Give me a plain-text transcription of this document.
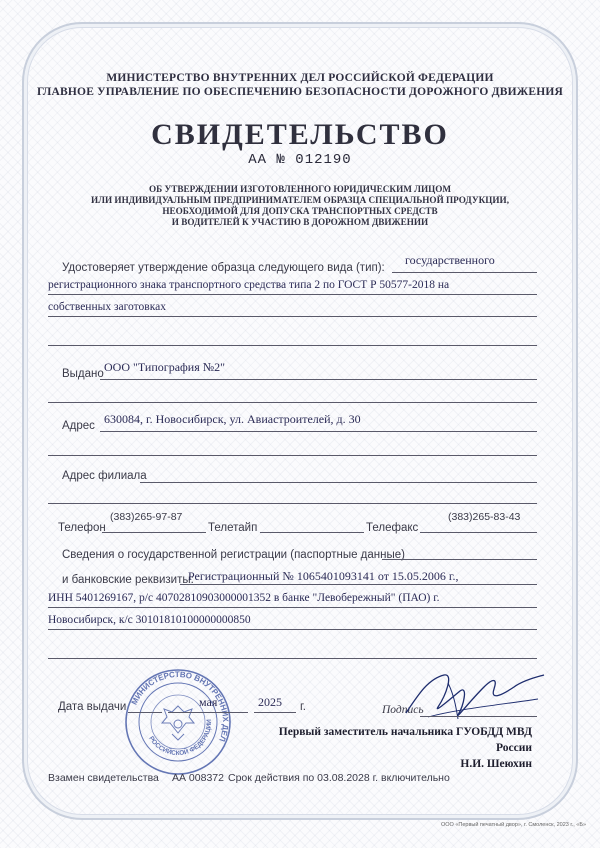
МИНИСТЕРСТВО ВНУТРЕННИХ ДЕЛ РОССИЙСКОЙ ФЕДЕРАЦИИ
ГЛАВНОЕ УПРАВЛЕНИЕ ПО ОБЕСПЕЧЕНИЮ БЕЗОПАСНОСТИ ДОРОЖНОГО ДВИЖЕНИЯ
СВИДЕТЕЛЬСТВО
АА № 012190
ОБ УТВЕРЖДЕНИИ ИЗГОТОВЛЕННОГО ЮРИДИЧЕСКИМ ЛИЦОМ
ИЛИ ИНДИВИДУАЛЬНЫМ ПРЕДПРИНИМАТЕЛЕМ ОБРАЗЦА СПЕЦИАЛЬНОЙ ПРОДУКЦИИ,
НЕОБХОДИМОЙ ДЛЯ ДОПУСКА ТРАНСПОРТНЫХ СРЕДСТВ
И ВОДИТЕЛЕЙ К УЧАСТИЮ В ДОРОЖНОМ ДВИЖЕНИИ
Удостоверяет утверждение образца следующего вида (тип):
государственного
регистрационного знака транспортного средства типа 2 по ГОСТ Р 50577-2018 на
собственных заготовках
Выдано ООО "Типография №2"
Адрес 630084, г. Новосибирск, ул. Авиастроителей, д. 30
Адрес филиала
(383)265-97-87
Телефон	Телетайп	Телефакс
(383)265-83-43
Сведения о государственной регистрации (паспортные данные)
и банковские реквизиты:
Регистрационный № 1065401093141 от 15.05.2006 г.,
ИНН 5401269167, р/с 40702810903000001352 в банке "Левобережный" (ПАО) г.
Новосибирск, к/с 30101810100000000850
МИНИСТЕРСТВО ВНУТРЕННИХ ДЕЛ
РОССИЙСКОЙ ФЕДЕРАЦИИ
Дата выдачи	мая	2025 г.	Подпись
Первый заместитель начальника ГУОБДД МВД
России
Н.И. Шеюхин
Взамен свидетельства АА 008372 Срок действия по 03.08.2028 г. включительно
ООО «Первый печатный двор», г. Смоленск, 2023 г., «Б»
